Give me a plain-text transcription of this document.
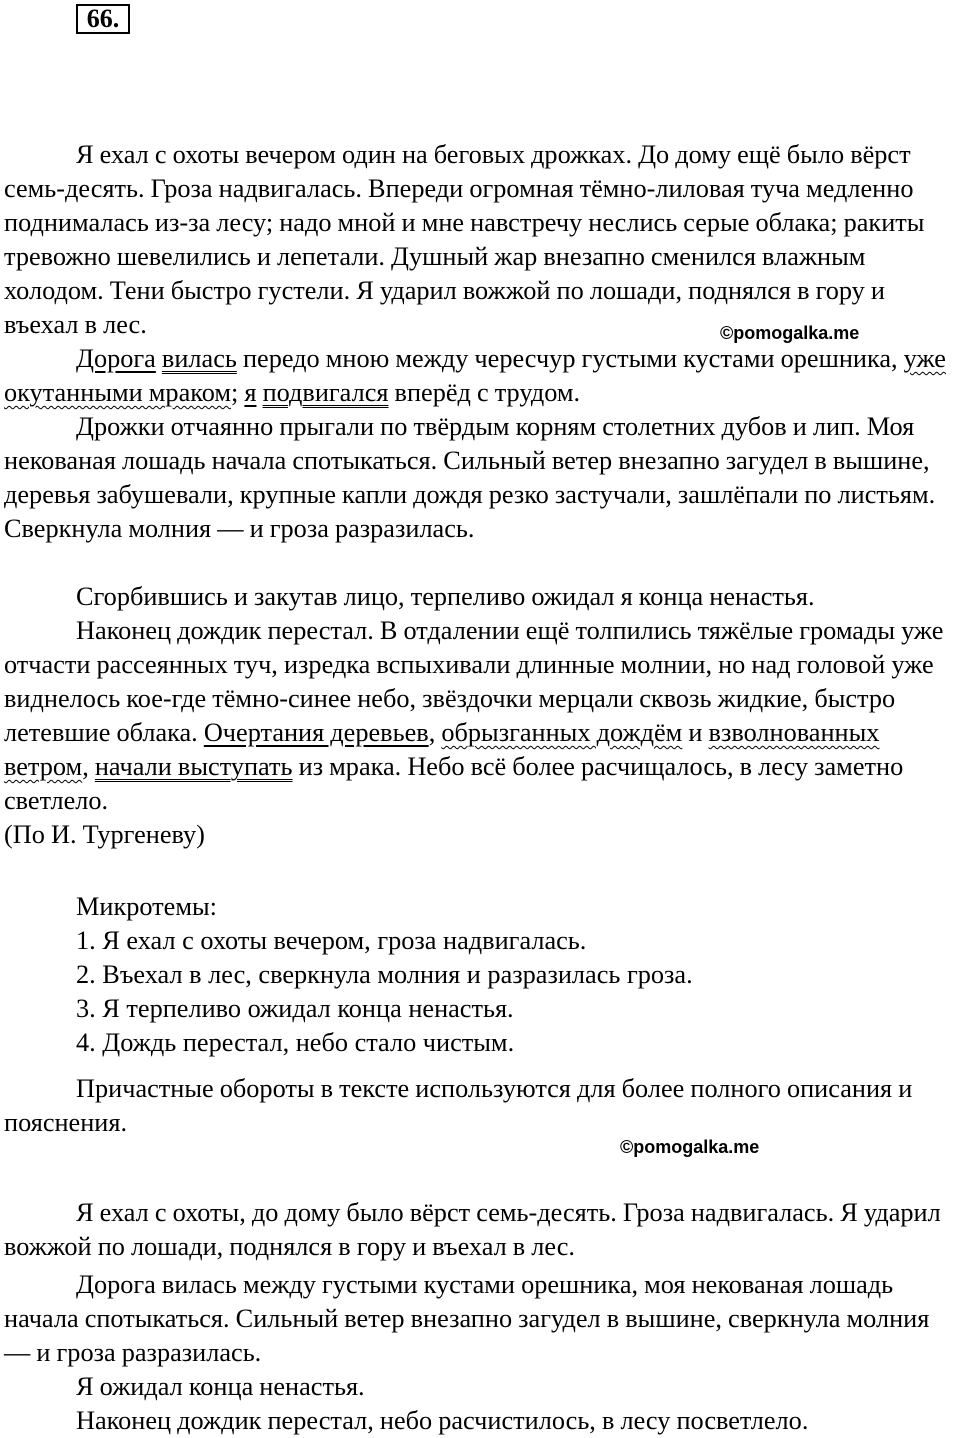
66.

Я ехал с охоты вечером один на беговых дрожках. До дому ещё было вёрст семь-десять. Гроза надвигалась. Впереди огромная тёмно-лиловая туча медленно поднималась из-за лесу; надо мной и мне навстречу неслись серые облака; ракиты тревожно шевелились и лепетали. Душный жар внезапно сменился влажным холодом. Тени быстро густели. Я ударил вожжой по лошади, поднялся в гору и въехал в лес.	©pomogalka.me

Дорога вилась передо мною между чересчур густыми кустами орешника, уже окутанными мраком; я подвигался вперёд с трудом.

Дрожки отчаянно прыгали по твёрдым корням столетних дубов и лип. Моя некованая лошадь начала спотыкаться. Сильный ветер внезапно загудел в вышине, деревья забушевали, крупные капли дождя резко застучали, зашлёпали по листьям. Сверкнула молния — и гроза разразилась.

Сгорбившись и закутав лицо, терпеливо ожидал я конца ненастья.

Наконец дождик перестал. В отдалении ещё толпились тяжёлые громады уже отчасти рассеянных туч, изредка вспыхивали длинные молнии, но над головой уже виднелось кое-где тёмно-синее небо, звёздочки мерцали сквозь жидкие, быстро летевшие облака. Очертания деревьев, обрызганных дождём и взволнованных ветром, начали выступать из мрака. Небо всё более расчищалось, в лесу заметно светлело.

(По И. Тургеневу)

Микротемы:
1. Я ехал с охоты вечером, гроза надвигалась.
2. Въехал в лес, сверкнула молния и разразилась гроза.
3. Я терпеливо ожидал конца ненастья.
4. Дождь перестал, небо стало чистым.

Причастные обороты в тексте используются для более полного описания и пояснения.

©pomogalka.me

Я ехал с охоты, до дому было вёрст семь-десять. Гроза надвигалась. Я ударил вожжой по лошади, поднялся в гору и въехал в лес.

Дорога вилась между густыми кустами орешника, моя некованая лошадь начала спотыкаться. Сильный ветер внезапно загудел в вышине, сверкнула молния — и гроза разразилась.

Я ожидал конца ненастья.

Наконец дождик перестал, небо расчистилось, в лесу посветлело.
